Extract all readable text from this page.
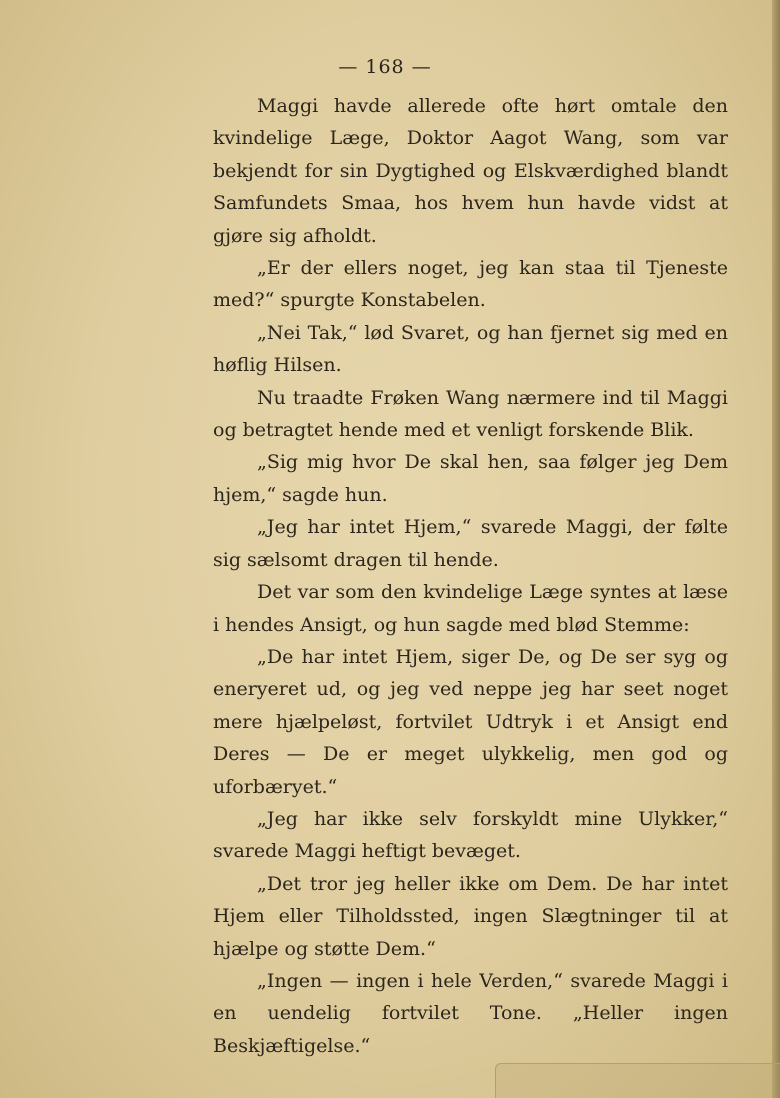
— 168 —

Maggi havde allerede ofte hørt omtale den kvindelige Læge, Doktor Aagot Wang, som var bekjendt for sin Dygtighed og Elskværdighed blandt Samfundets Smaa, hos hvem hun havde vidst at gjøre sig afholdt.

„Er der ellers noget, jeg kan staa til Tjeneste med?“ spurgte Konstabelen.

„Nei Tak,“ lød Svaret, og han fjernet sig med en høflig Hilsen.

Nu traadte Frøken Wang nærmere ind til Maggi og betragtet hende med et venligt forskende Blik.

„Sig mig hvor De skal hen, saa følger jeg Dem hjem,“ sagde hun.

„Jeg har intet Hjem,“ svarede Maggi, der følte sig sælsomt dragen til hende.

Det var som den kvindelige Læge syntes at læse i hendes Ansigt, og hun sagde med blød Stemme:

„De har intet Hjem, siger De, og De ser syg og eneryeret ud, og jeg ved neppe jeg har seet noget mere hjælpeløst, fortvilet Udtryk i et Ansigt end Deres — De er meget ulykkelig, men god og uforbæryet.“

„Jeg har ikke selv forskyldt mine Ulykker,“ svarede Maggi heftigt bevæget.

„Det tror jeg heller ikke om Dem. De har intet Hjem eller Tilholdssted, ingen Slægtninger til at hjælpe og støtte Dem.“

„Ingen — ingen i hele Verden,“ svarede Maggi i en uendelig fortvilet Tone. „Heller ingen Beskjæftigelse.“
